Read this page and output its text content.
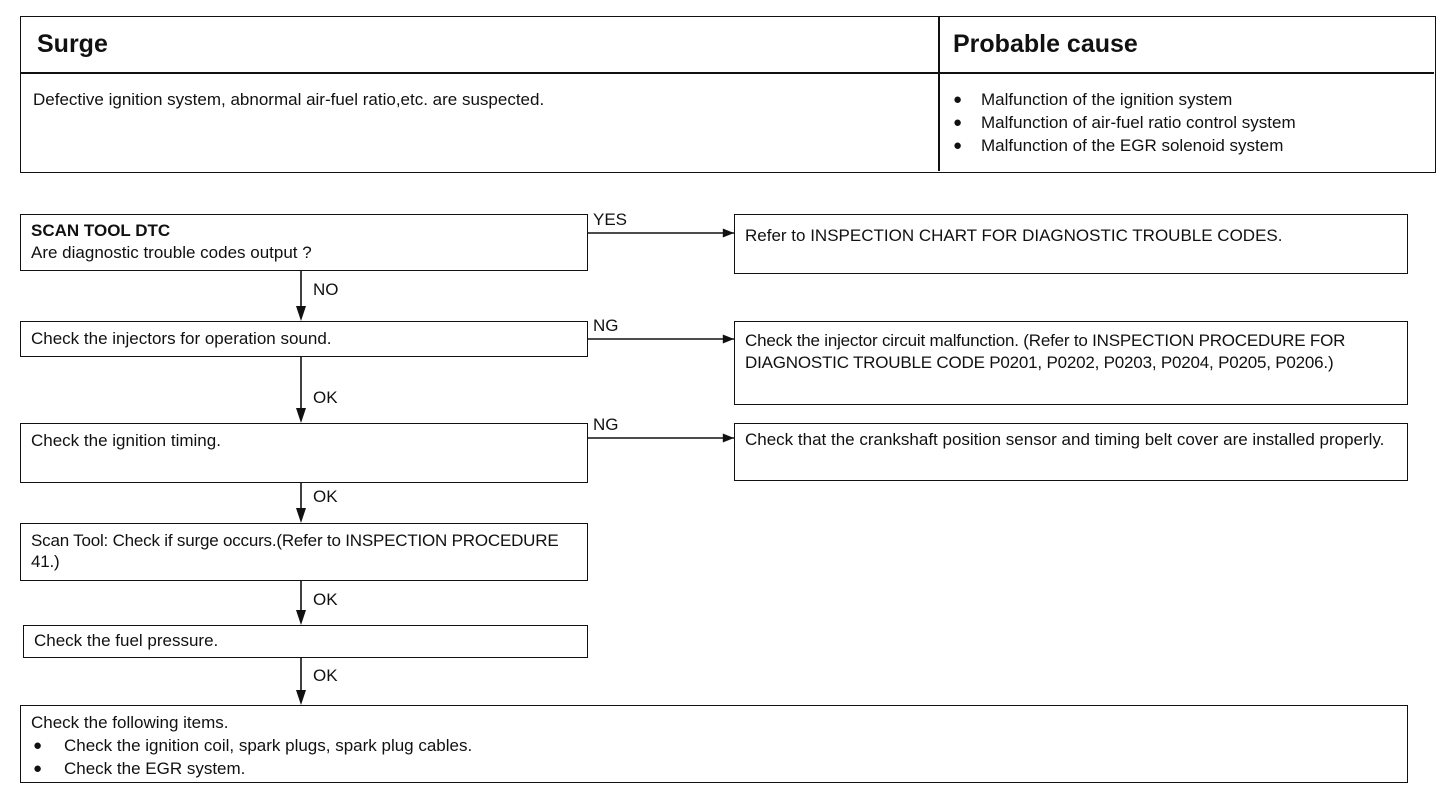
Surge	Probable cause
Defective ignition system, abnormal air-fuel ratio,etc. are suspected.	● Malfunction of the ignition system
● Malfunction of air-fuel ratio control system
● Malfunction of the EGR solenoid system
YES
NO
NG
OK
NG
OK
OK
OK
SCAN TOOL DTC
Are diagnostic trouble codes output ?
Refer to INSPECTION CHART FOR DIAGNOSTIC TROUBLE CODES.
Check the injectors for operation sound.	Check the injector circuit malfunction. (Refer to INSPECTION PROCEDURE FOR DIAGNOSTIC TROUBLE CODE P0201, P0202, P0203, P0204, P0205, P0206.)
Check the ignition timing.	Check that the crankshaft position sensor and timing belt cover are installed properly.
Scan Tool: Check if surge occurs.(Refer to INSPECTION PROCEDURE 41.)
Check the fuel pressure.
Check the following items.
● Check the ignition coil, spark plugs, spark plug cables.
● Check the EGR system.
